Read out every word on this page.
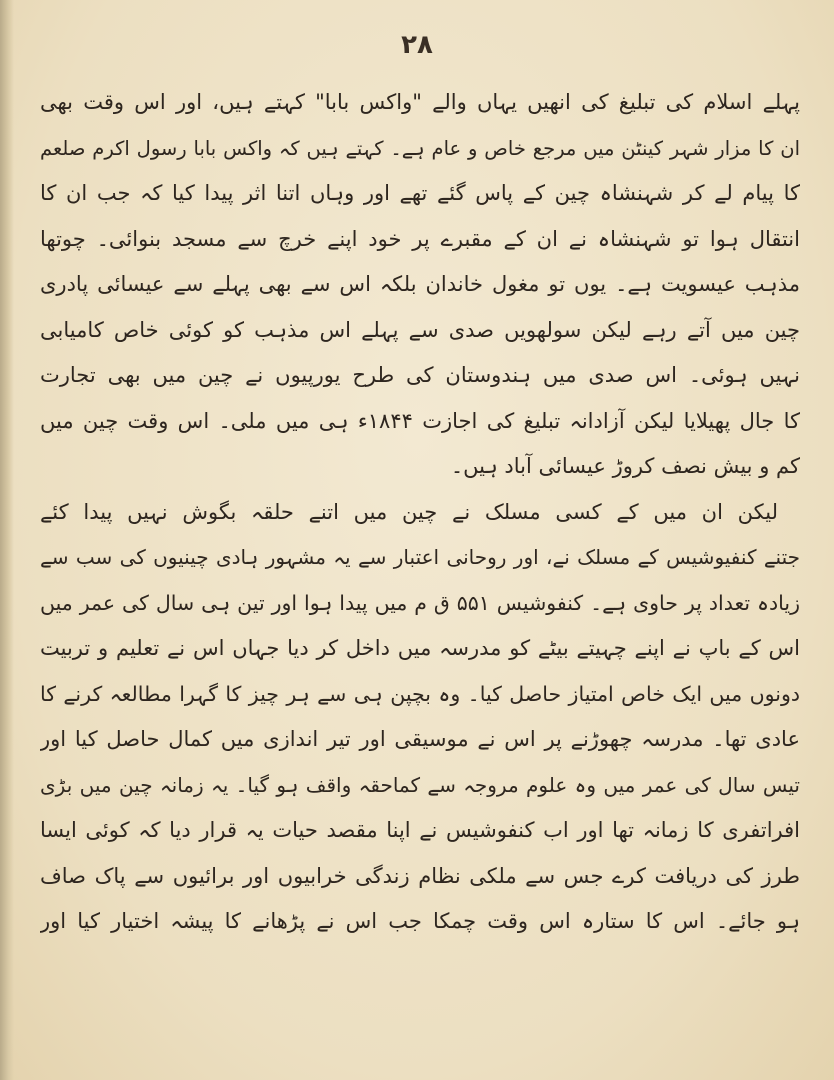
۲۸
پہلے اسلام کی تبلیغ کی انھیں یہاں والے "واکس بابا" کہتے ہیں، اور اس وقت بھی
ان کا مزار شہر کینٹن میں مرجع خاص و عام ہے۔ کہتے ہیں کہ واکس بابا رسول اکرم صلعم
کا پیام لے کر شہنشاہ چین کے پاس گئے تھے اور وہاں اتنا اثر پیدا کیا کہ جب ان کا
انتقال ہوا تو شہنشاہ نے ان کے مقبرے پر خود اپنے خرچ سے مسجد بنوائی۔ چوتھا
مذہب عیسویت ہے۔ یوں تو مغول خاندان بلکہ اس سے بھی پہلے سے عیسائی پادری
چین میں آتے رہے لیکن سولھویں صدی سے پہلے اس مذہب کو کوئی خاص کامیابی
نہیں ہوئی۔ اس صدی میں ہندوستان کی طرح یورپیوں نے چین میں بھی تجارت
کا جال پھیلایا لیکن آزادانہ تبلیغ کی اجازت ۱۸۴۴ء ہی میں ملی۔ اس وقت چین میں
کم و بیش نصف کروڑ عیسائی آباد ہیں۔
لیکن ان میں کے کسی مسلک نے چین میں اتنے حلقہ بگوش نہیں پیدا کئے
جتنے کنفیوشیس کے مسلک نے، اور روحانی اعتبار سے یہ مشہور ہادی چینیوں کی سب سے
زیادہ تعداد پر حاوی ہے۔ کنفوشیس ۵۵۱ ق م میں پیدا ہوا اور تین ہی سال کی عمر میں
اس کے باپ نے اپنے چہیتے بیٹے کو مدرسہ میں داخل کر دیا جہاں اس نے تعلیم و تربیت
دونوں میں ایک خاص امتیاز حاصل کیا۔ وہ بچپن ہی سے ہر چیز کا گہرا مطالعہ کرنے کا
عادی تھا۔ مدرسہ چھوڑنے پر اس نے موسیقی اور تیر اندازی میں کمال حاصل کیا اور
تیس سال کی عمر میں وہ علوم مروجہ سے کماحقہ واقف ہو گیا۔ یہ زمانہ چین میں بڑی
افراتفری کا زمانہ تھا اور اب کنفوشیس نے اپنا مقصد حیات یہ قرار دیا کہ کوئی ایسا
طرز کی دریافت کرے جس سے ملکی نظام زندگی خرابیوں اور برائیوں سے پاک صاف
ہو جائے۔ اس کا ستارہ اس وقت چمکا جب اس نے پڑھانے کا پیشہ اختیار کیا اور
